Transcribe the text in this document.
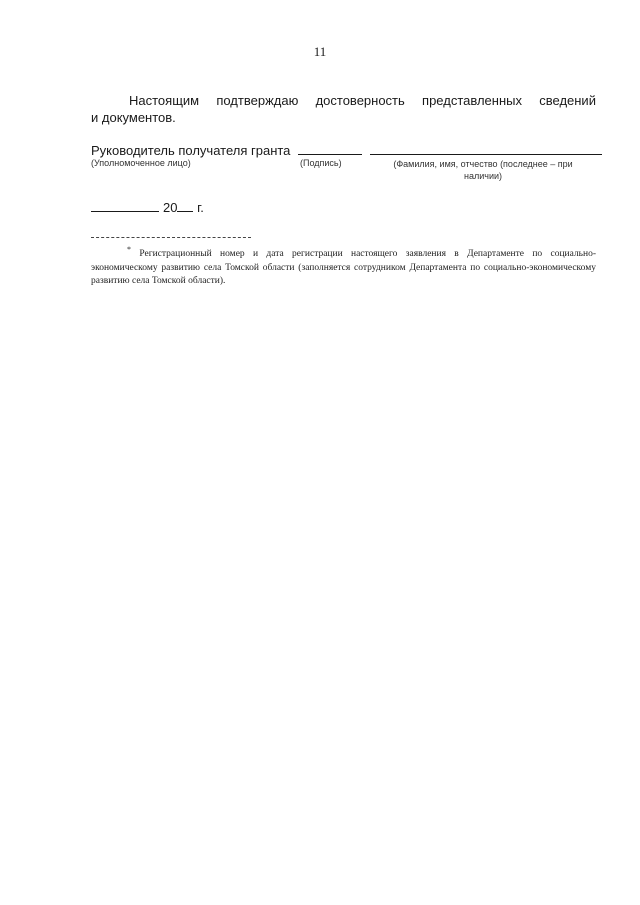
11
Настоящим подтверждаю достоверность представленных сведений
и документов.
Руководитель получателя гранта
(Уполномоченное лицо)	(Подпись)	(Фамилия, имя, отчество (последнее – при наличии)
20 г.
* Регистрационный номер и дата регистрации настоящего заявления в Департаменте по социально-экономическому развитию села Томской области (заполняется сотрудником Департамента по социально-экономическому развитию села Томской области).
